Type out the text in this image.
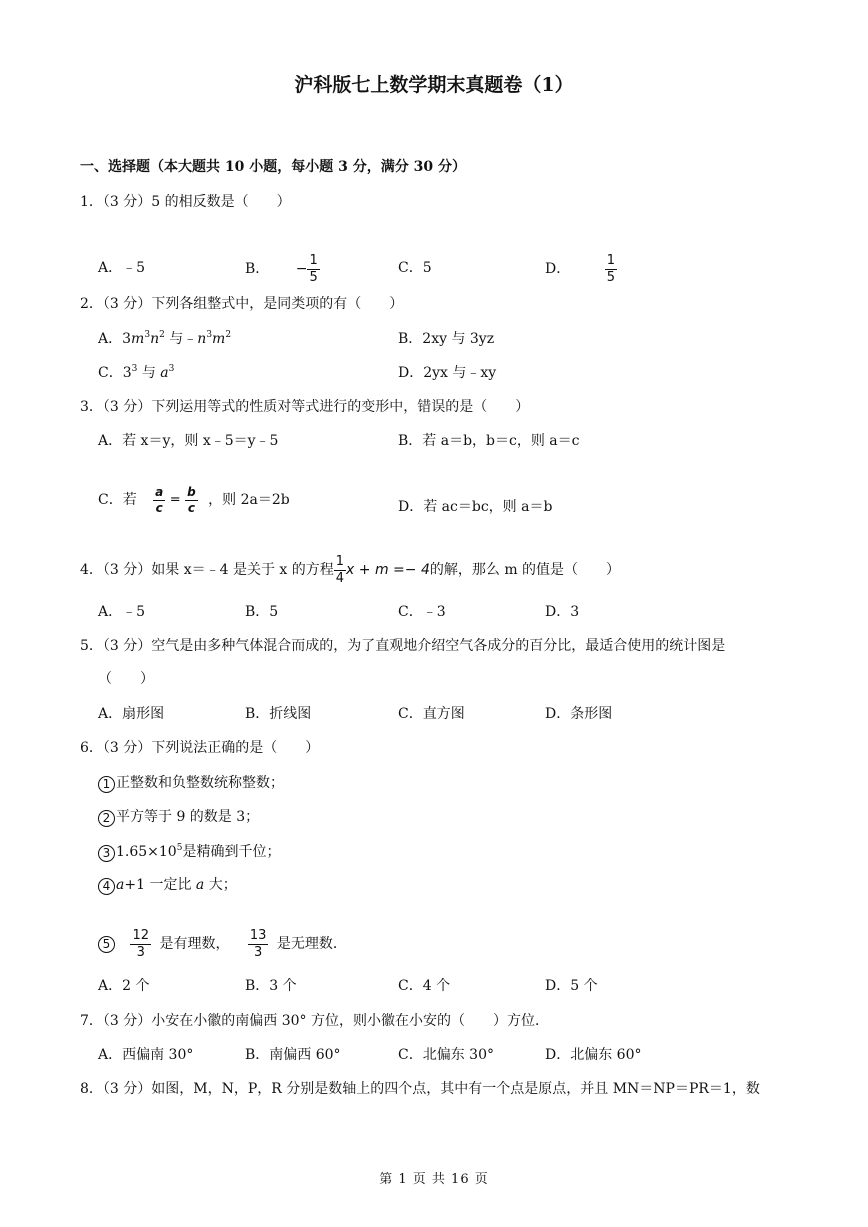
沪科版七上数学期末真题卷（1）
一、选择题（本大题共 10 小题，每小题 3 分，满分 30 分）
1．（3 分）5 的相反数是（　　）
A．﹣5	B． − $\frac{1}{5}$	C．5	D．	$\frac{1}{5}$
2．（3 分）下列各组整式中，是同类项的有（　　）
A．$3m^3n^2$ 与$﹣n^3m^2$	B．2xy 与 3yz
C．$3^3$ 与 $a^3$	D．2yx 与﹣xy
3．（3 分）下列运用等式的性质对等式进行的变形中，错误的是（　　）
A．若 x＝y，则 x﹣5＝y﹣5	B．若 a＝b，b＝c，则 a＝c
C．若 $\frac{a}{c} = \frac{b}{c}$ ，则 2a＝2b	D．若 ac＝bc，则 a＝b
4．（3 分）如果 x＝﹣4 是关于 x 的方程 $\frac{1}{4}$ x + m =− 4的解，那么 m 的值是（　　）
A．﹣5	B．5	C．﹣3	D．3
5．（3 分）空气是由多种气体混合而成的，为了直观地介绍空气各成分的百分比，最适合使用的统计图是
（　　）
A．扇形图	B．折线图	C．直方图	D．条形图
6．（3 分）下列说法正确的是（　　）
1 正整数和负整数统称整数；
2 平方等于 9 的数是 3；
3 $1.65\times 10^5$是精确到千位；
4 a+1 一定比 a 大；
$5 \frac{12}{3}$ 是有理数， $\frac{13}{3}$ 是无理数．
A．2 个	B．3 个	C．4 个	D．5 个
7．（3 分）小安在小徽的南偏西 30° 方位，则小徽在小安的（　　）方位．
A．西偏南 30°	B．南偏西 60°	C．北偏东 30°	D．北偏东 60°
8．（3 分）如图，M，N，P，R 分别是数轴上的四个点，其中有一个点是原点，并且 MN＝NP＝PR＝1，数
第 1 页 共 16 页
